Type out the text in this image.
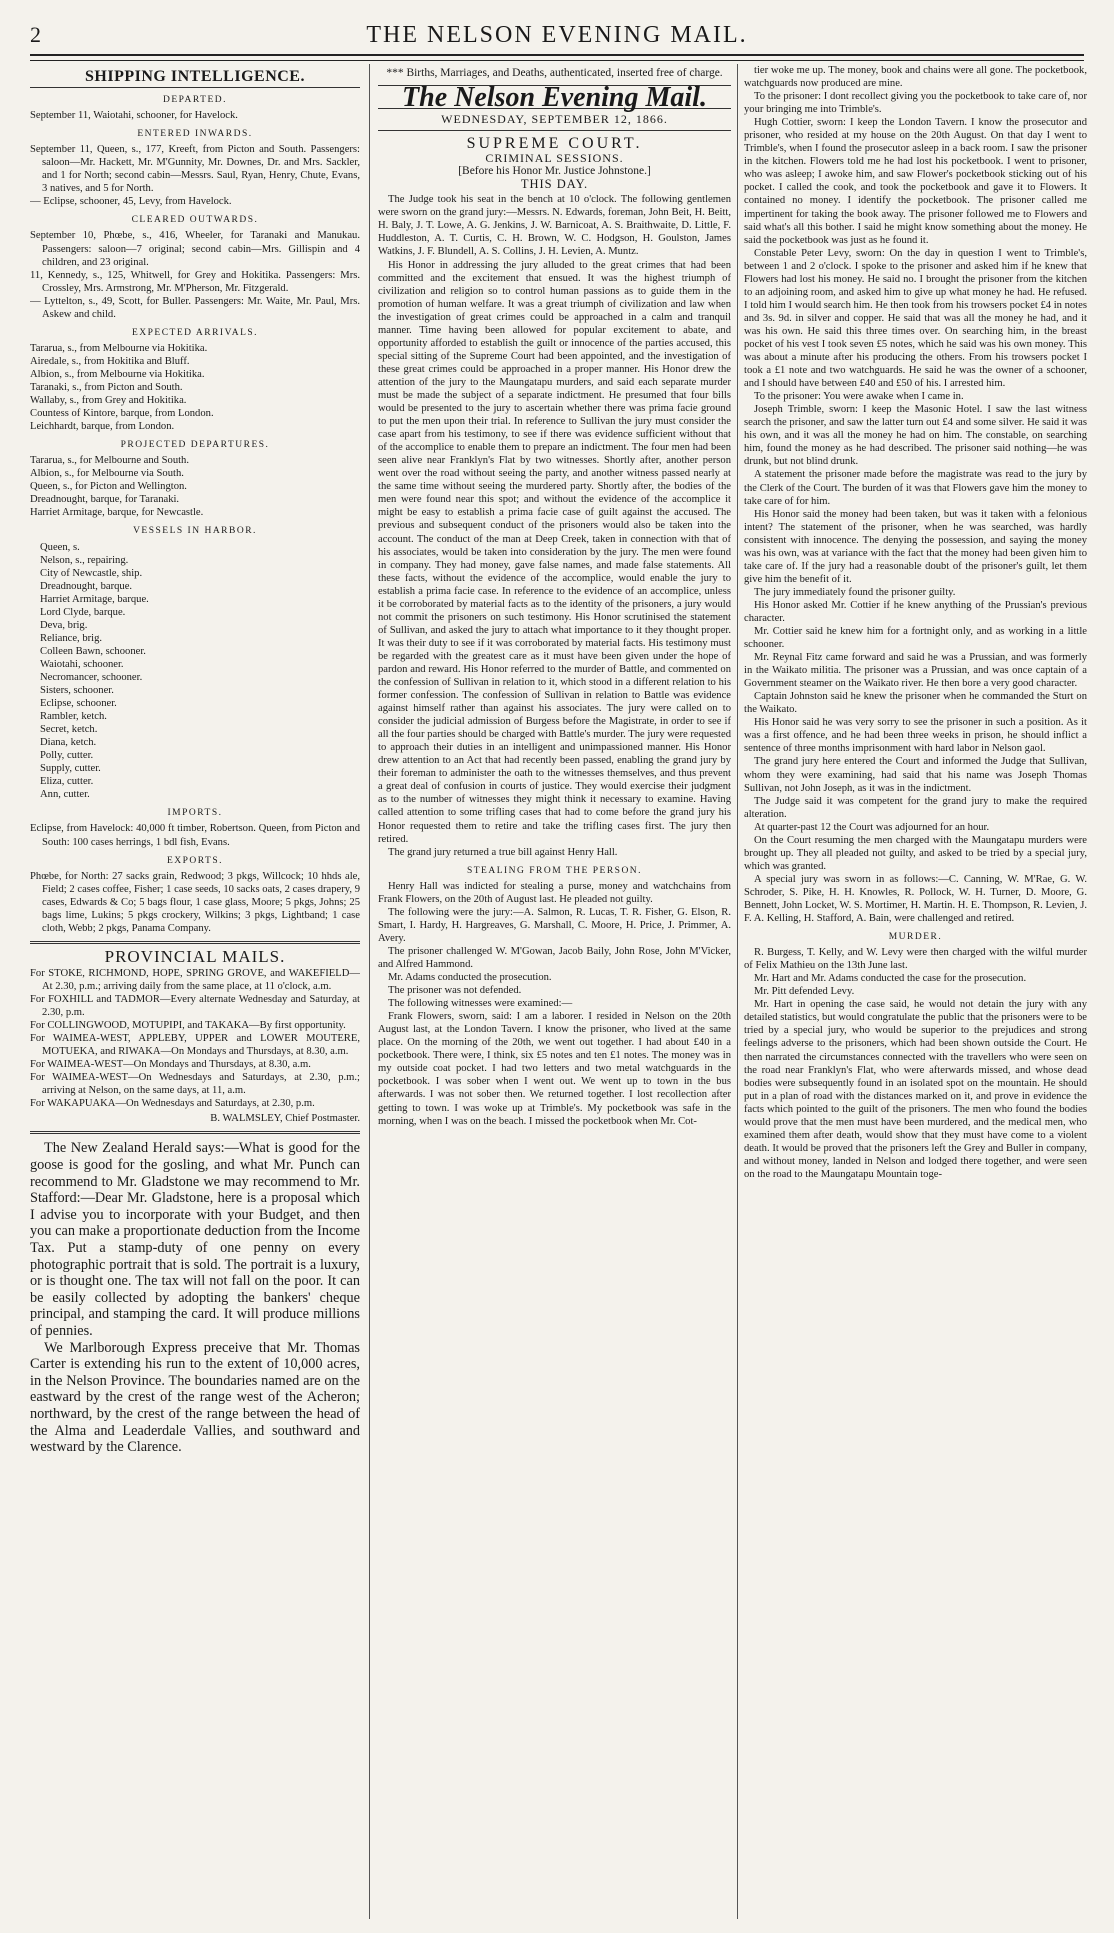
2	THE NELSON EVENING MAIL.
SHIPPING INTELLIGENCE.
DEPARTED.
September 11, Waiotahi, schooner, for Havelock.
ENTERED INWARDS.
September 11, Queen, s., 177, Kreeft, from Picton and South. Passengers: saloon—Mr. Hackett, Mr. M'Gunnity, Mr. Downes, Dr. and Mrs. Sackler, and 1 for North; second cabin—Messrs. Saul, Ryan, Henry, Chute, Evans, 3 natives, and 5 for North.
— Eclipse, schooner, 45, Levy, from Havelock.
CLEARED OUTWARDS.
September 10, Phœbe, s., 416, Wheeler, for Taranaki and Manukau. Passengers: saloon—7 original; second cabin—Mrs. Gillispin and 4 children, and 23 original.
11, Kennedy, s., 125, Whitwell, for Grey and Hokitika. Passengers: Mrs. Crossley, Mrs. Armstrong, Mr. M'Pherson, Mr. Fitzgerald.
— Lyttelton, s., 49, Scott, for Buller. Passengers: Mr. Waite, Mr. Paul, Mrs. Askew and child.
EXPECTED ARRIVALS.
Tararua, s., from Melbourne via Hokitika.
Airedale, s., from Hokitika and Bluff.
Albion, s., from Melbourne via Hokitika.
Taranaki, s., from Picton and South.
Wallaby, s., from Grey and Hokitika.
Countess of Kintore, barque, from London.
Leichhardt, barque, from London.
PROJECTED DEPARTURES.
Tararua, s., for Melbourne and South.
Albion, s., for Melbourne via South.
Queen, s., for Picton and Wellington.
Dreadnought, barque, for Taranaki.
Harriet Armitage, barque, for Newcastle.
VESSELS IN HARBOR.
Queen, s.
Nelson, s., repairing.
City of Newcastle, ship.
Dreadnought, barque.
Harriet Armitage, barque.
Lord Clyde, barque.
Deva, brig.
Reliance, brig.
Colleen Bawn, schooner.
Waiotahi, schooner.
Necromancer, schooner.
Sisters, schooner.
Eclipse, schooner.
Rambler, ketch.
Secret, ketch.
Diana, ketch.
Polly, cutter.
Supply, cutter.
Eliza, cutter.
Ann, cutter.
IMPORTS.
Eclipse, from Havelock: 40,000 ft timber, Robertson. Queen, from Picton and South: 100 cases herrings, 1 bdl fish, Evans.
EXPORTS.
Phœbe, for North: 27 sacks grain, Redwood; 3 pkgs, Willcock; 10 hhds ale, Field; 2 cases coffee, Fisher; 1 case seeds, 10 sacks oats, 2 cases drapery, 9 cases, Edwards & Co; 5 bags flour, 1 case glass, Moore; 5 pkgs, Johns; 25 bags lime, Lukins; 5 pkgs crockery, Wilkins; 3 pkgs, Lightband; 1 case cloth, Webb; 2 pkgs, Panama Company.
PROVINCIAL MAILS.
For STOKE, RICHMOND, HOPE, SPRING GROVE, and WAKEFIELD—At 2.30, p.m.; arriving daily from the same place, at 11 o'clock, a.m.
For FOXHILL and TADMOR—Every alternate Wednesday and Saturday, at 2.30, p.m.
For COLLINGWOOD, MOTUPIPI, and TAKAKA—By first opportunity.
For WAIMEA-WEST, APPLEBY, UPPER and LOWER MOUTERE, MOTUEKA, and RIWAKA—On Mondays and Thursdays, at 8.30, a.m.
For WAIMEA-WEST—On Mondays and Thursdays, at 8.30, a.m.
For WAIMEA-WEST—On Wednesdays and Saturdays, at 2.30, p.m.; arriving at Nelson, on the same days, at 11, a.m.
For WAKAPUAKA—On Wednesdays and Saturdays, at 2.30, p.m.
B. WALMSLEY, Chief Postmaster.

The New Zealand Herald says:—What is good for the goose is good for the gosling, and what Mr. Punch can recommend to Mr. Gladstone we may recommend to Mr. Stafford:—Dear Mr. Gladstone, here is a proposal which I advise you to incorporate with your Budget, and then you can make a proportionate deduction from the Income Tax. Put a stamp-duty of one penny on every photographic portrait that is sold. The portrait is a luxury, or is thought one. The tax will not fall on the poor. It can be easily collected by adopting the bankers' cheque principal, and stamping the card. It will produce millions of pennies.

We Marlborough Express preceive that Mr. Thomas Carter is extending his run to the extent of 10,000 acres, in the Nelson Province. The boundaries named are on the eastward by the crest of the range west of the Acheron; northward, by the crest of the range between the head of the Alma and Leaderdale Vallies, and southward and westward by the Clarence.

*** Births, Marriages, and Deaths, authenticated, inserted free of charge.
The Nelson Evening Mail.
WEDNESDAY, SEPTEMBER 12, 1866.
SUPREME COURT.
CRIMINAL SESSIONS.
[Before his Honor Mr. Justice Johnstone.]
THIS DAY.

The Judge took his seat in the bench at 10 o'clock. The following gentlemen were sworn on the grand jury:—Messrs. N. Edwards, foreman, John Beit, H. Beitt, H. Baly, J. T. Lowe, A. G. Jenkins, J. W. Barnicoat, A. S. Braithwaite, D. Little, F. Huddleston, A. T. Curtis, C. H. Brown, W. C. Hodgson, H. Goulston, James Watkins, J. F. Blundell, A. S. Collins, J. H. Levien, A. Muntz.

His Honor in addressing the jury alluded to the great crimes that had been committed and the excitement that ensued. It was the highest triumph of civilization and religion so to control human passions as to guide them in the promotion of human welfare. It was a great triumph of civilization and law when the investigation of great crimes could be approached in a calm and tranquil manner. Time having been allowed for popular excitement to abate, and opportunity afforded to establish the guilt or innocence of the parties accused, this special sitting of the Supreme Court had been appointed, and the investigation of these great crimes could be approached in a proper manner. His Honor drew the attention of the jury to the Maungatapu murders, and said each separate murder must be made the subject of a separate indictment. He presumed that four bills would be presented to the jury to ascertain whether there was prima facie ground to put the men upon their trial. In reference to Sullivan the jury must consider the case apart from his testimony, to see if there was evidence sufficient without that of the accomplice to enable them to prepare an indictment. The four men had been seen alive near Franklyn's Flat by two witnesses. Shortly after, another person went over the road without seeing the party, and another witness passed nearly at the same time without seeing the murdered party. Shortly after, the bodies of the men were found near this spot; and without the evidence of the accomplice it might be easy to establish a prima facie case of guilt against the accused. The previous and subsequent conduct of the prisoners would also be taken into the account. The conduct of the man at Deep Creek, taken in connection with that of his associates, would be taken into consideration by the jury. The men were found in company. They had money, gave false names, and made false statements. All these facts, without the evidence of the accomplice, would enable the jury to establish a prima facie case. In reference to the evidence of an accomplice, unless it be corroborated by material facts as to the identity of the prisoners, a jury would not commit the prisoners on such testimony. His Honor scrutinised the statement of Sullivan, and asked the jury to attach what importance to it they thought proper. It was their duty to see if it was corroborated by material facts. His testimony must be regarded with the greatest care as it must have been given under the hope of pardon and reward. His Honor referred to the murder of Battle, and commented on the confession of Sullivan in relation to it, which stood in a different relation to his former confession. The confession of Sullivan in relation to Battle was evidence against himself rather than against his associates. The jury were called on to consider the judicial admission of Burgess before the Magistrate, in order to see if all the four parties should be charged with Battle's murder. The jury were requested to approach their duties in an intelligent and unimpassioned manner. His Honor drew attention to an Act that had recently been passed, enabling the grand jury by their foreman to administer the oath to the witnesses themselves, and thus prevent a great deal of confusion in courts of justice. They would exercise their judgment as to the number of witnesses they might think it necessary to examine. Having called attention to some trifling cases that had to come before the grand jury his Honor requested them to retire and take the trifling cases first. The jury then retired.

The grand jury returned a true bill against Henry Hall.

STEALING FROM THE PERSON.

Henry Hall was indicted for stealing a purse, money and watchchains from Frank Flowers, on the 20th of August last. He pleaded not guilty.

The following were the jury:—A. Salmon, R. Lucas, T. R. Fisher, G. Elson, R. Smart, I. Hardy, H. Hargreaves, G. Marshall, C. Moore, H. Price, J. Primmer, A. Avery.

The prisoner challenged W. M'Gowan, Jacob Baily, John Rose, John M'Vicker, and Alfred Hammond.

Mr. Adams conducted the prosecution.

The prisoner was not defended.

The following witnesses were examined:—

Frank Flowers, sworn, said: I am a laborer. I resided in Nelson on the 20th August last, at the London Tavern. I know the prisoner, who lived at the same place. On the morning of the 20th, we went out together. I had about £40 in a pocketbook. There were, I think, six £5 notes and ten £1 notes. The money was in my outside coat pocket. I had two letters and two metal watchguards in the pocketbook. I was sober when I went out. We went up to town in the bus afterwards. I was not sober then. We returned together. I lost recollection after getting to town. I was woke up at Trimble's. My pocketbook was safe in the morning, when I was on the beach. I missed the pocketbook when Mr. Cot-

tier woke me up. The money, book and chains were all gone. The pocketbook, watchguards now produced are mine.

To the prisoner: I dont recollect giving you the pocketbook to take care of, nor your bringing me into Trimble's.

Hugh Cottier, sworn: I keep the London Tavern. I know the prosecutor and prisoner, who resided at my house on the 20th August. On that day I went to Trimble's, when I found the prosecutor asleep in a back room. I saw the prisoner in the kitchen. Flowers told me he had lost his pocketbook. I went to prisoner, who was asleep; I awoke him, and saw Flower's pocketbook sticking out of his pocket. I called the cook, and took the pocketbook and gave it to Flowers. It contained no money. I identify the pocketbook. The prisoner called me impertinent for taking the book away. The prisoner followed me to Flowers and said what's all this bother. I said he might know something about the money. He said the pocketbook was just as he found it.

Constable Peter Levy, sworn: On the day in question I went to Trimble's, between 1 and 2 o'clock. I spoke to the prisoner and asked him if he knew that Flowers had lost his money. He said no. I brought the prisoner from the kitchen to an adjoining room, and asked him to give up what money he had. He refused. I told him I would search him. He then took from his trowsers pocket £4 in notes and 3s. 9d. in silver and copper. He said that was all the money he had, and it was his own. He said this three times over. On searching him, in the breast pocket of his vest I took seven £5 notes, which he said was his own money. This was about a minute after his producing the others. From his trowsers pocket I took a £1 note and two watchguards. He said he was the owner of a schooner, and I should have between £40 and £50 of his. I arrested him.

To the prisoner: You were awake when I came in.

Joseph Trimble, sworn: I keep the Masonic Hotel. I saw the last witness search the prisoner, and saw the latter turn out £4 and some silver. He said it was his own, and it was all the money he had on him. The constable, on searching him, found the money as he had described. The prisoner said nothing—he was drunk, but not blind drunk.

A statement the prisoner made before the magistrate was read to the jury by the Clerk of the Court. The burden of it was that Flowers gave him the money to take care of for him.

His Honor said the money had been taken, but was it taken with a felonious intent? The statement of the prisoner, when he was searched, was hardly consistent with innocence. The denying the possession, and saying the money was his own, was at variance with the fact that the money had been given him to take care of. If the jury had a reasonable doubt of the prisoner's guilt, let them give him the benefit of it.

The jury immediately found the prisoner guilty.

His Honor asked Mr. Cottier if he knew anything of the Prussian's previous character.

Mr. Cottier said he knew him for a fortnight only, and as working in a little schooner.

Mr. Reynal Fitz came forward and said he was a Prussian, and was formerly in the Waikato militia. The prisoner was a Prussian, and was once captain of a Government steamer on the Waikato river. He then bore a very good character.

Captain Johnston said he knew the prisoner when he commanded the Sturt on the Waikato.

His Honor said he was very sorry to see the prisoner in such a position. As it was a first offence, and he had been three weeks in prison, he should inflict a sentence of three months imprisonment with hard labor in Nelson gaol.

The grand jury here entered the Court and informed the Judge that Sullivan, whom they were examining, had said that his name was Joseph Thomas Sullivan, not John Joseph, as it was in the indictment.

The Judge said it was competent for the grand jury to make the required alteration.

At quarter-past 12 the Court was adjourned for an hour.

On the Court resuming the men charged with the Maungatapu murders were brought up. They all pleaded not guilty, and asked to be tried by a special jury, which was granted.

A special jury was sworn in as follows:—C. Canning, W. M'Rae, G. W. Schroder, S. Pike, H. H. Knowles, R. Pollock, W. H. Turner, D. Moore, G. Bennett, John Locket, W. S. Mortimer, H. Martin. H. E. Thompson, R. Levien, J. F. A. Kelling, H. Stafford, A. Bain, were challenged and retired.

MURDER.

R. Burgess, T. Kelly, and W. Levy were then charged with the wilful murder of Felix Mathieu on the 13th June last.

Mr. Hart and Mr. Adams conducted the case for the prosecution.

Mr. Pitt defended Levy.

Mr. Hart in opening the case said, he would not detain the jury with any detailed statistics, but would congratulate the public that the prisoners were to be tried by a special jury, who would be superior to the prejudices and strong feelings adverse to the prisoners, which had been shown outside the Court. He then narrated the circumstances connected with the travellers who were seen on the road near Franklyn's Flat, who were afterwards missed, and whose dead bodies were subsequently found in an isolated spot on the mountain. He should put in a plan of road with the distances marked on it, and prove in evidence the facts which pointed to the guilt of the prisoners. The men who found the bodies would prove that the men must have been murdered, and the medical men, who examined them after death, would show that they must have come to a violent death. It would be proved that the prisoners left the Grey and Buller in company, and without money, landed in Nelson and lodged there together, and were seen on the road to the Maungatapu Mountain toge-
